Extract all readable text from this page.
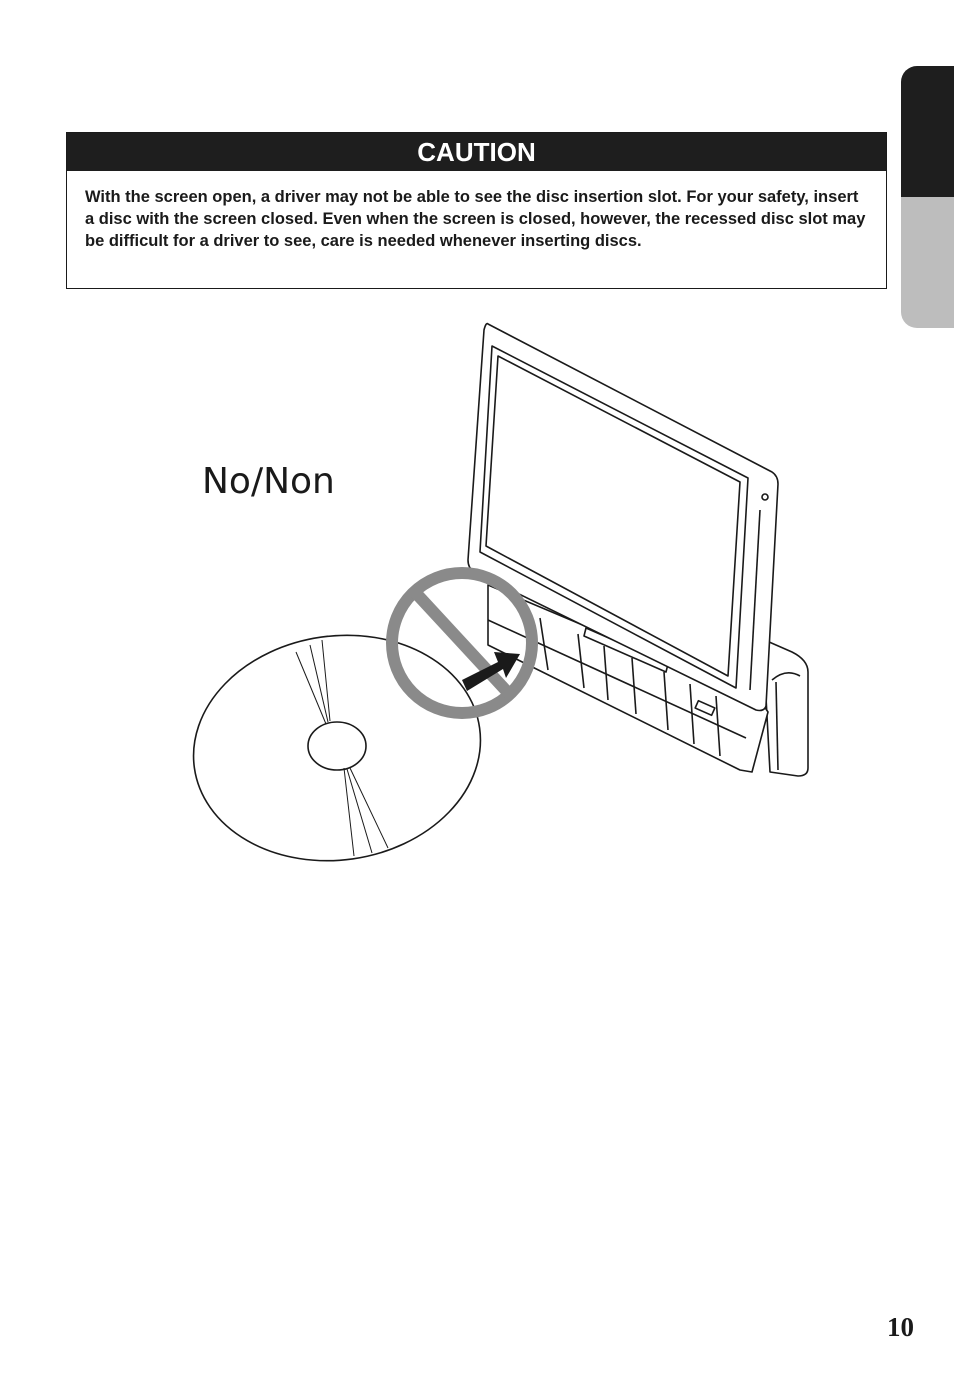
CAUTION
With the screen open, a driver may not be able to see the disc insertion slot. For your safety, insert a disc with the screen closed. Even when the screen is closed, however, the recessed disc slot may be difficult for a driver to see, care is needed whenever inserting discs.
No/Non
10
